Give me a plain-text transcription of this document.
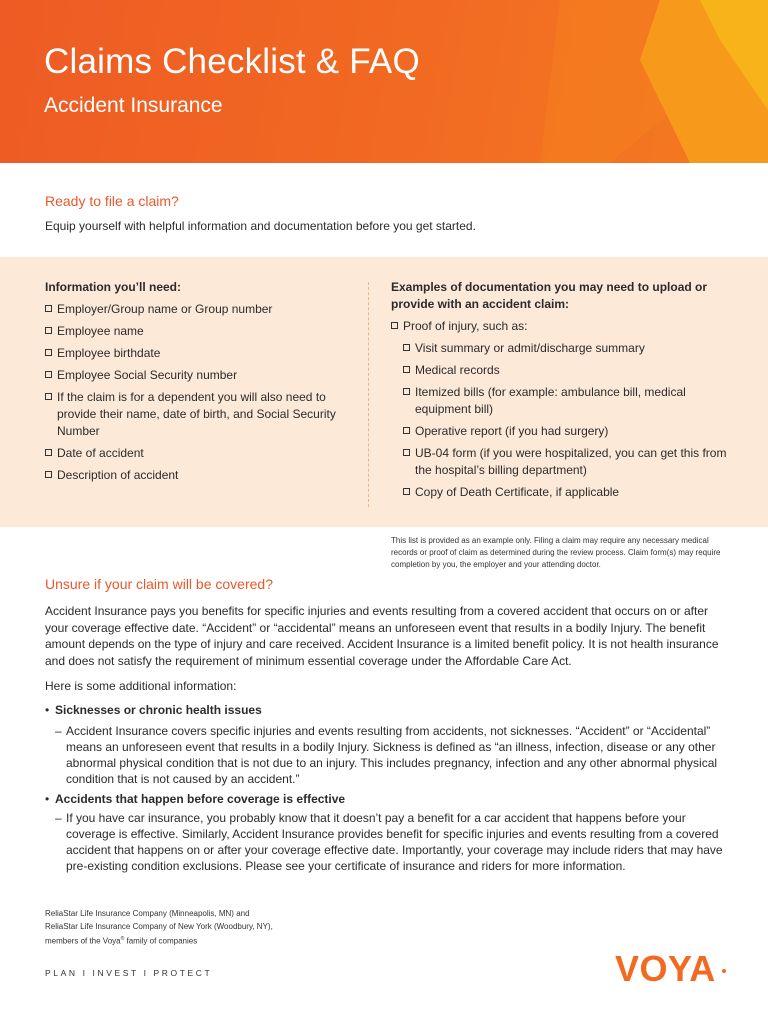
Claims Checklist & FAQ
Accident Insurance
Ready to file a claim?

Equip yourself with helpful information and documentation before you get started.

Information you’ll need:

Employer/Group name or Group number

Employee name

Employee birthdate

Employee Social Security number

If the claim is for a dependent you will also need to provide their name, date of birth, and Social Security Number

Date of accident

Description of accident

Examples of documentation you may need to upload or provide with an accident claim:

Proof of injury, such as:

Visit summary or admit/discharge summary

Medical records

Itemized bills (for example: ambulance bill, medical equipment bill)

Operative report (if you had surgery)

UB-04 form (if you were hospitalized, you can get this from the hospital’s billing department)

Copy of Death Certificate, if applicable

This list is provided as an example only. Filing a claim may require any necessary medical records or proof of claim as determined during the review process. Claim form(s) may require completion by you, the employer and your attending doctor.

Unsure if your claim will be covered?

Accident Insurance pays you benefits for specific injuries and events resulting from a covered accident that occurs on or after your coverage effective date. “Accident” or “accidental” means an unforeseen event that results in a bodily Injury. The benefit amount depends on the type of injury and care received. Accident Insurance is a limited benefit policy. It is not health insurance and does not satisfy the requirement of minimum essential coverage under the Affordable Care Act.

Here is some additional information:

• Sicknesses or chronic health issues

– Accident Insurance covers specific injuries and events resulting from accidents, not sicknesses. “Accident” or “Accidental” means an unforeseen event that results in a bodily Injury. Sickness is defined as “an illness, infection, disease or any other abnormal physical condition that is not due to an injury. This includes pregnancy, infection and any other abnormal physical condition that is not caused by an accident.”

• Accidents that happen before coverage is effective

– If you have car insurance, you probably know that it doesn’t pay a benefit for a car accident that happens before your coverage is effective. Similarly, Accident Insurance provides benefit for specific injuries and events resulting from a covered accident that happens on or after your coverage effective date. Importantly, your coverage may include riders that may have pre-existing condition exclusions. Please see your certificate of insurance and riders for more information.

ReliaStar Life Insurance Company (Minneapolis, MN) and
ReliaStar Life Insurance Company of New York (Woodbury, NY),
members of the Voya® family of companies

PLAN I INVEST I PROTECT	VOYA
